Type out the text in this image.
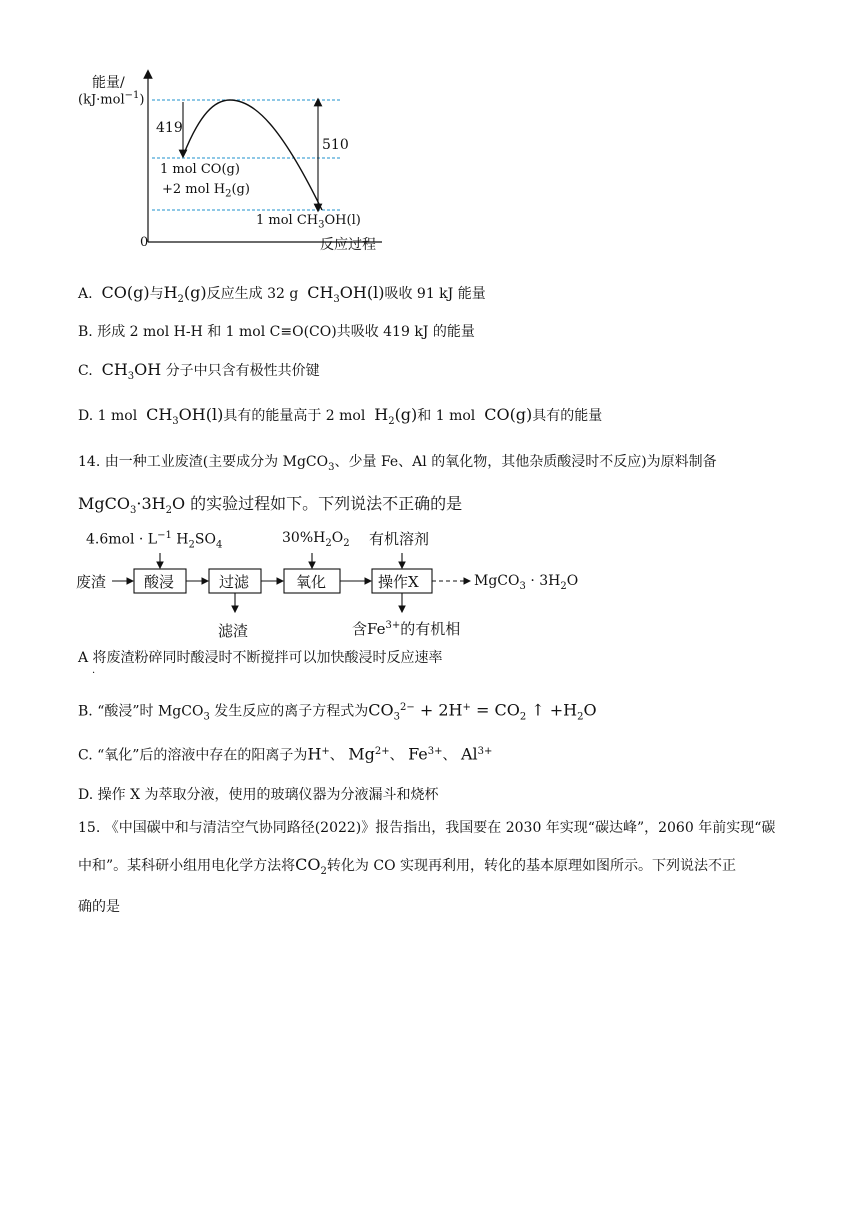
能量/
(kJ·mol$^{-1}$)
419
510
1 mol CO(g)
+2 mol $H_2(g)$
1 mol $CH_3OH(l)$
0	反应过程
A. CO(g)与$H_2(g)$反应生成 32 g $CH_3OH(l)$吸收 91 kJ 能量
B. 形成 2 mol H-H 和 1 mol C≡O(CO)共吸收 419 kJ 的能量
C. $CH_3OH$ 分子中只含有极性共价键
D. 1 mol $CH_3OH(l)$具有的能量高于 2 mol $H_2(g)$和 1 mol CO(g)具有的能量
14. 由一种工业废渣(主要成分为 MgCO$_3$、少量 Fe、Al 的氧化物，其他杂质酸浸时不反应)为原料制备
$MgCO_3\cdot 3H_2O$ 的实验过程如下。下列说法不正确的是
$4.6mol \cdot L^{-1}$ $H_2SO_4$	$30\%H_2O_2$ 有机溶剂
废渣	酸浸	过滤	氧化	操作X	MgCO$_3$ · $3H_2O$
滤渣	含$Fe^{3+}$的有机相
A 将废渣粉碎同时酸浸时不断搅拌可以加快酸浸时反应速率
·
B. “酸浸”时 MgCO$_3$ 发生反应的离子方程式为$CO_3^{2-} + 2H^+ = CO_2$ ↑ $+H_2O$
C. “氧化”后的溶液中存在的阳离子为H+、 $Mg^{2+}$、 $Fe^{3+}$、 $Al^{3+}$
D. 操作 X 为萃取分液，使用的玻璃仪器为分液漏斗和烧杯
15. 《中国碳中和与清洁空气协同路径(2022)》报告指出，我国要在 2030 年实现“碳达峰”，2060 年前实现“碳
中和”。某科研小组用电化学方法将$CO_2$转化为 CO 实现再利用，转化的基本原理如图所示。下列说法不正
确的是
